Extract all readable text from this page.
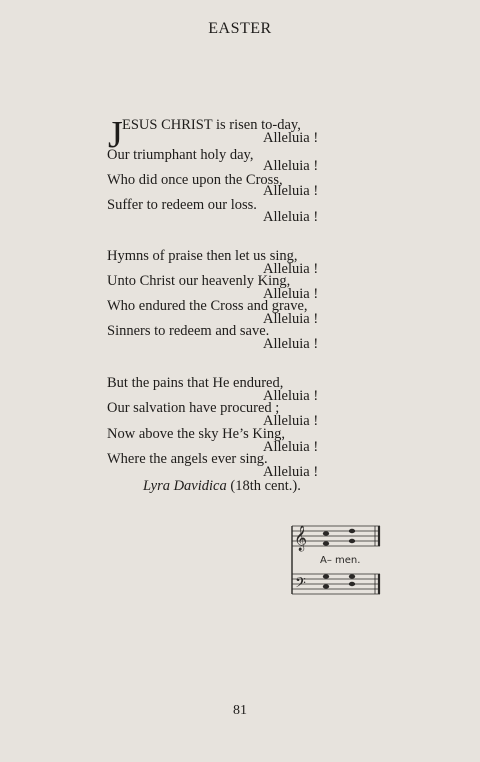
EASTER
J ESUS CHRIST is risen to-day,
Alleluia !
Our triumphant holy day,
Alleluia !
Who did once upon the Cross,
Alleluia !
Suffer to redeem our loss.
Alleluia !
Hymns of praise then let us sing,
Alleluia !
Unto Christ our heavenly King,
Alleluia !
Who endured the Cross and grave,
Alleluia !
Sinners to redeem and save.
Alleluia !
But the pains that He endured,
Alleluia !
Our salvation have procured ;
Alleluia !
Now above the sky He’s King,
Alleluia !
Where the angels ever sing.
Alleluia !
Lyra Davidica (18th cent.).
𝄞
𝄢
A– men.
81
